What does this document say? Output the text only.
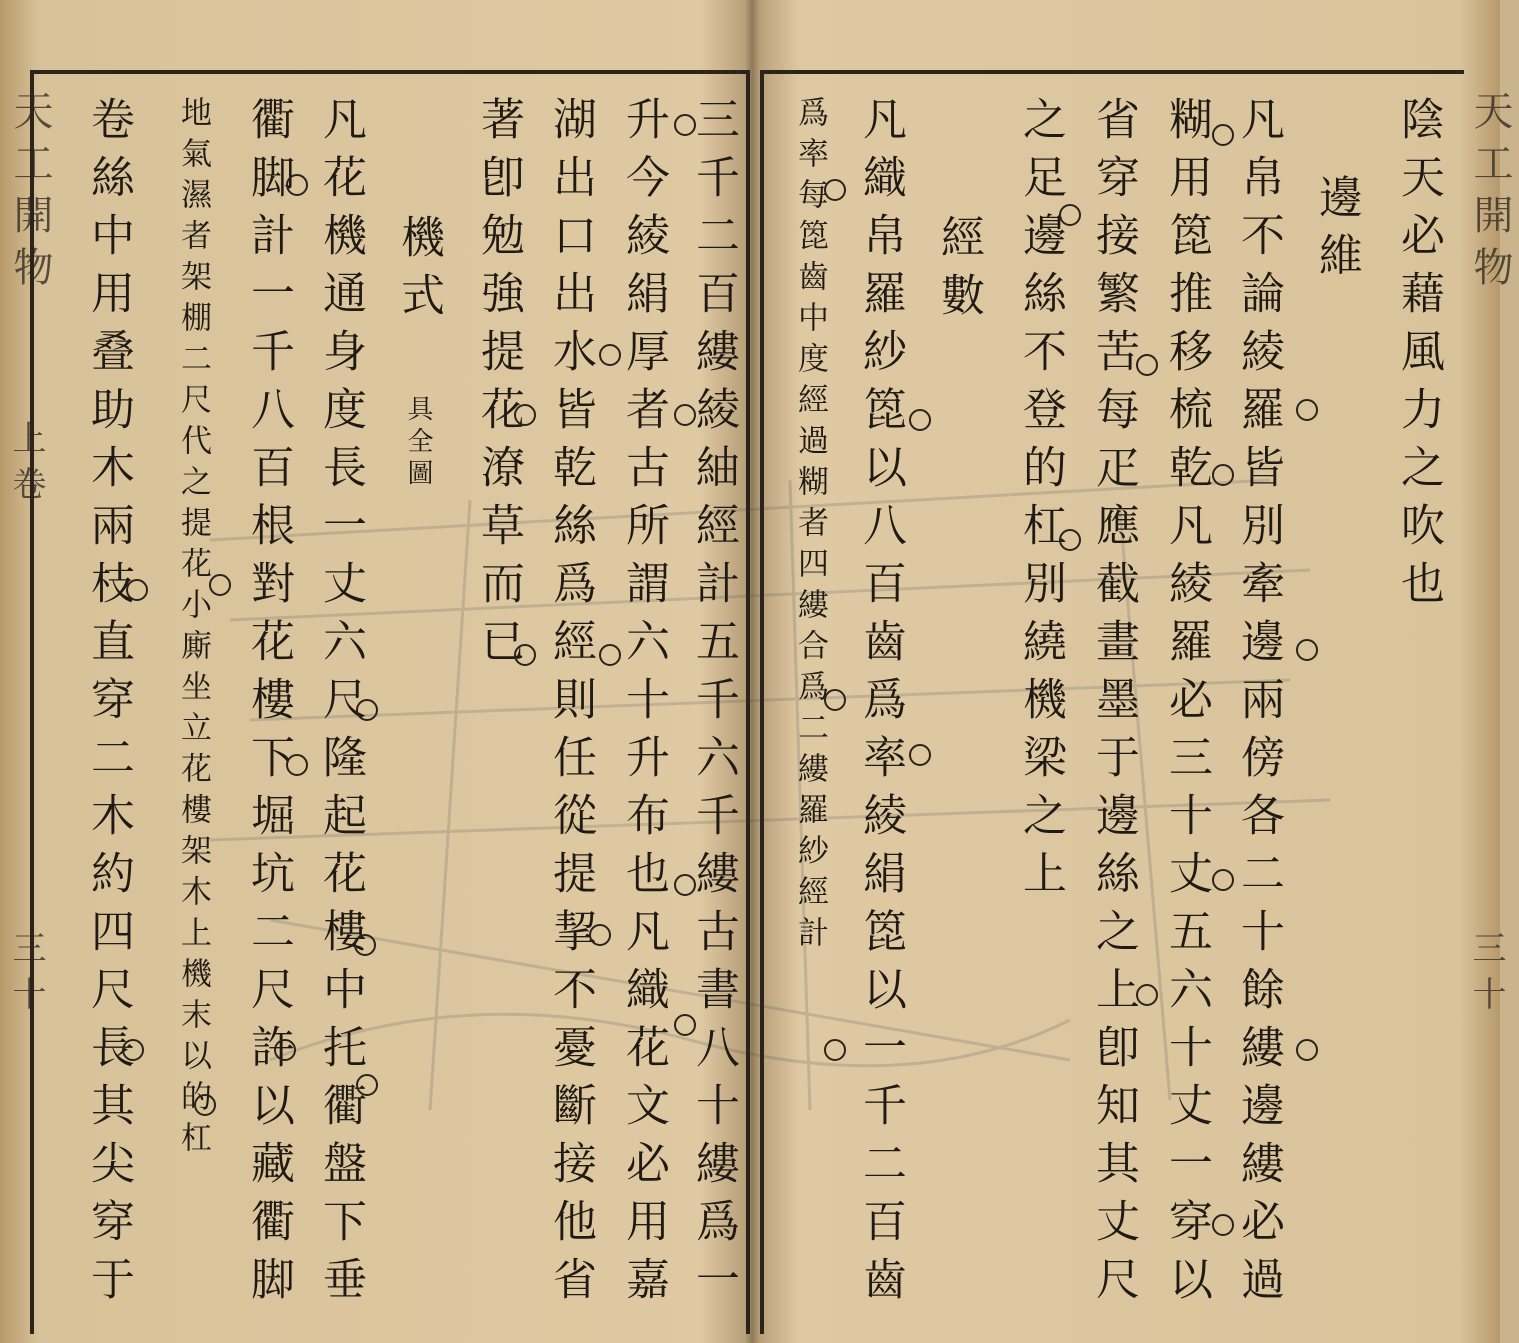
天工開物
上卷
三十
天工開物
三十
三千二百縷綾紬經計五千六千縷古書八十縷爲一
升今綾絹厚者古所謂六十升布也凡織花文必用嘉
湖出口出水皆乾絲爲經則任從提挈不憂斷接他省
著卽勉強提花潦草而已
機式 具全圖
凡花機通身度長一丈六尺隆起花樓中托衢盤下垂
衢脚計一千八百根對花樓下堀坑二尺許以藏衢脚
地氣濕者架棚二尺代之提花小廝坐立花樓架木上機末以的杠
卷絲中用叠助木兩枝直穿二木約四尺長其尖穿于	陰天必藉風力之吹也
邊維
凡帛不論綾羅皆別牽邊兩傍各二十餘縷邊縷必過
糊用箆推移梳乾凡綾羅必三十丈五六十丈一穿以
省穿接繁苦每疋應截畫墨于邊絲之上卽知其丈尺
之足邊絲不登的杠別繞機梁之上
經數
凡織帛羅紗箆以八百齒爲率綾絹箆以一千二百齒
爲率每箆齒中度經過糊者四縷合爲二縷羅紗經計
